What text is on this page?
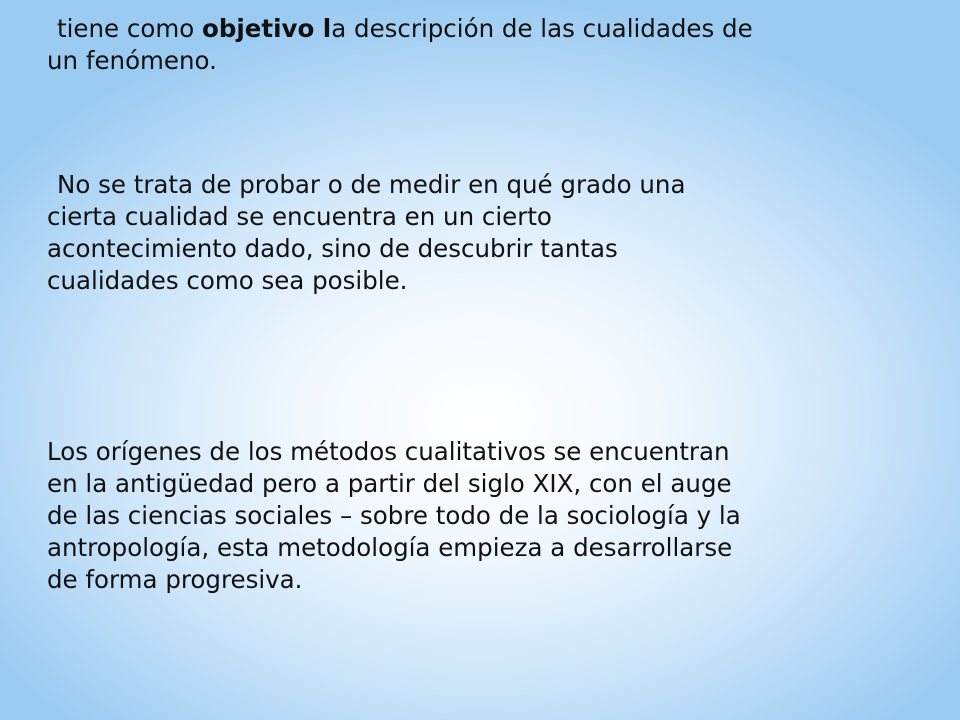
tiene como objetivo la descripción de las cualidades de
un fenómeno.

No se trata de probar o de medir en qué grado una
cierta cualidad se encuentra en un cierto
acontecimiento dado, sino de descubrir tantas
cualidades como sea posible.

Los orígenes de los métodos cualitativos se encuentran
en la antigüedad pero a partir del siglo XIX, con el auge
de las ciencias sociales – sobre todo de la sociología y la
antropología, esta metodología empieza a desarrollarse
de forma progresiva.
